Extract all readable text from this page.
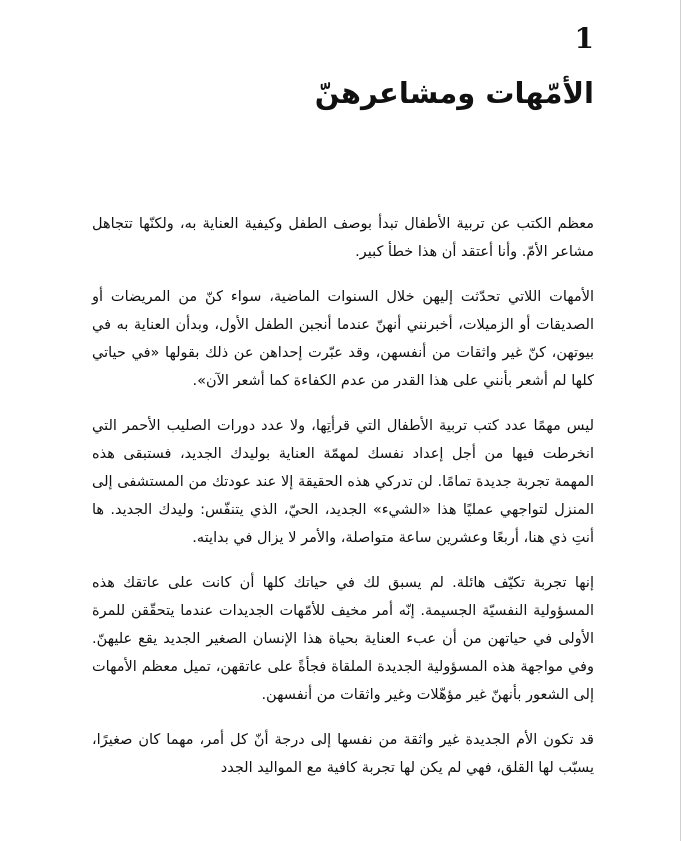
1
الأمّهات ومشاعرهنّ

معظم الكتب عن تربية الأطفال تبدأ بوصف الطفل وكيفية العناية به، ولكنّها تتجاهل مشاعر الأمّ. وأنا أعتقد أن هذا خطأ كبير.

الأمهات اللاتي تحدّثت إليهن خلال السنوات الماضية، سواء كنّ من المريضات أو الصديقات أو الزميلات، أخبرنني أنهنّ عندما أنجبن الطفل الأول، وبدأن العناية به في بيوتهن، كنّ غير واثقات من أنفسهن، وقد عبّرت إحداهن عن ذلك بقولها «في حياتي كلها لم أشعر بأنني على هذا القدر من عدم الكفاءة كما أشعر الآن».

ليس مهمًا عدد كتب تربية الأطفال التي قرأتِها، ولا عدد دورات الصليب الأحمر التي انخرطت فيها من أجل إعداد نفسك لمهمّة العناية بوليدك الجديد، فستبقى هذه المهمة تجربة جديدة تمامًا. لن تدركي هذه الحقيقة إلا عند عودتك من المستشفى إلى المنزل لتواجهي عمليًا هذا «الشيء» الجديد، الحيّ، الذي يتنفّس: وليدك الجديد. ها أنتِ ذي هنا، أربعًا وعشرين ساعة متواصلة، والأمر لا يزال في بدايته.

إنها تجربة تكيّف هائلة. لم يسبق لك في حياتك كلها أن كانت على عاتقك هذه المسؤولية النفسيّة الجسيمة. إنّه أمر مخيف للأمّهات الجديدات عندما يتحقّقن للمرة الأولى في حياتهن من أن عبء العناية بحياة هذا الإنسان الصغير الجديد يقع عليهنّ. وفي مواجهة هذه المسؤولية الجديدة الملقاة فجأةً على عاتقهن، تميل معظم الأمهات إلى الشعور بأنهنّ غير مؤهّلات وغير واثقات من أنفسهن.

قد تكون الأم الجديدة غير واثقة من نفسها إلى درجة أنّ كل أمر، مهما كان صغيرًا، يسبّب لها القلق، فهي لم يكن لها تجربة كافية مع المواليد الجدد
